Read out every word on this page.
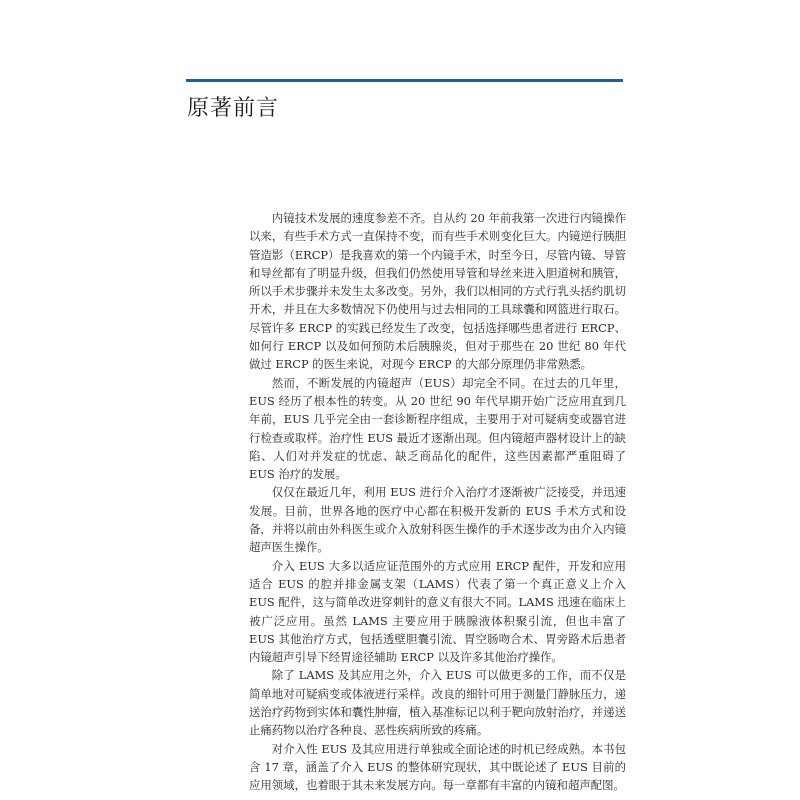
原著前言

内镜技术发展的速度参差不齐。自从约 20 年前我第一次进行内镜操作以来，有些手术方式一直保持不变，而有些手术则变化巨大。内镜逆行胰胆管造影（ERCP）是我喜欢的第一个内镜手术，时至今日，尽管内镜、导管和导丝都有了明显升级，但我们仍然使用导管和导丝来进入胆道树和胰管，所以手术步骤并未发生太多改变。另外，我们以相同的方式行乳头括约肌切开术，并且在大多数情况下仍使用与过去相同的工具球囊和网篮进行取石。尽管许多 ERCP 的实践已经发生了改变，包括选择哪些患者进行 ERCP、如何行 ERCP 以及如何预防术后胰腺炎，但对于那些在 20 世纪 80 年代做过 ERCP 的医生来说，对现今 ERCP 的大部分原理仍非常熟悉。

然而，不断发展的内镜超声（EUS）却完全不同。在过去的几年里，EUS 经历了根本性的转变。从 20 世纪 90 年代早期开始广泛应用直到几年前，EUS 几乎完全由一套诊断程序组成，主要用于对可疑病变或器官进行检查或取样。治疗性 EUS 最近才逐渐出现。但内镜超声器材设计上的缺陷、人们对并发症的忧虑、缺乏商品化的配件，这些因素都严重阻碍了 EUS 治疗的发展。

仅仅在最近几年，利用 EUS 进行介入治疗才逐渐被广泛接受，并迅速发展。目前，世界各地的医疗中心都在积极开发新的 EUS 手术方式和设备，并将以前由外科医生或介入放射科医生操作的手术逐步改为由介入内镜超声医生操作。

介入 EUS 大多以适应证范围外的方式应用 ERCP 配件，开发和应用适合 EUS 的腔并排金属支架（LAMS）代表了第一个真正意义上介入 EUS 配件，这与简单改进穿刺针的意义有很大不同。LAMS 迅速在临床上被广泛应用。虽然 LAMS 主要应用于胰腺液体积聚引流，但也丰富了 EUS 其他治疗方式，包括透壁胆囊引流、胃空肠吻合术、胃旁路术后患者内镜超声引导下经胃途径辅助 ERCP 以及许多其他治疗操作。

除了 LAMS 及其应用之外，介入 EUS 可以做更多的工作，而不仅是简单地对可疑病变或体液进行采样。改良的细针可用于测量门静脉压力，递送治疗药物到实体和囊性肿瘤，植入基准标记以利于靶向放射治疗，并递送止痛药物以治疗各种良、恶性疾病所致的疼痛。

对介入性 EUS 及其应用进行单独或全面论述的时机已经成熟。本书包含 17 章，涵盖了介入 EUS 的整体研究现状，其中既论述了 EUS 目前的应用领域，也着眼于其未来发展方向。每一章都有丰富的内镜和超声配图。
